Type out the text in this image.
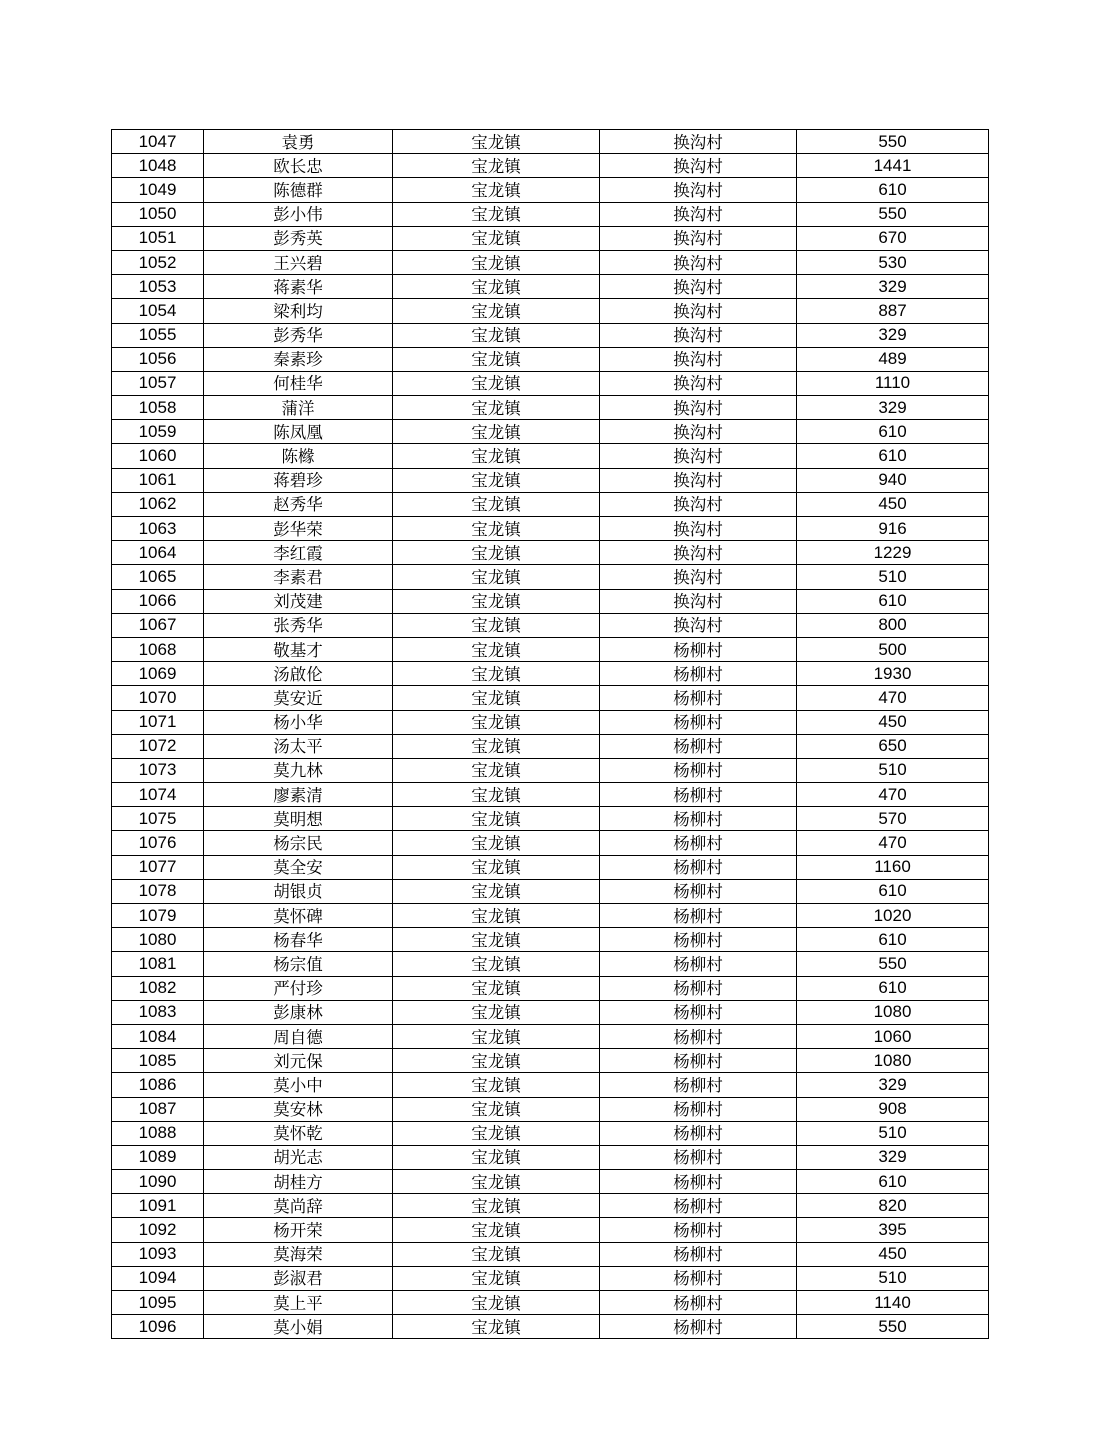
1047	袁勇	宝龙镇	换沟村	550
1048	欧长忠	宝龙镇	换沟村	1441
1049	陈德群	宝龙镇	换沟村	610
1050	彭小伟	宝龙镇	换沟村	550
1051	彭秀英	宝龙镇	换沟村	670
1052	王兴碧	宝龙镇	换沟村	530
1053	蒋素华	宝龙镇	换沟村	329
1054	梁利均	宝龙镇	换沟村	887
1055	彭秀华	宝龙镇	换沟村	329
1056	秦素珍	宝龙镇	换沟村	489
1057	何桂华	宝龙镇	换沟村	1110
1058	蒲洋	宝龙镇	换沟村	329
1059	陈凤凰	宝龙镇	换沟村	610
1060	陈橼	宝龙镇	换沟村	610
1061	蒋碧珍	宝龙镇	换沟村	940
1062	赵秀华	宝龙镇	换沟村	450
1063	彭华荣	宝龙镇	换沟村	916
1064	李红霞	宝龙镇	换沟村	1229
1065	李素君	宝龙镇	换沟村	510
1066	刘茂建	宝龙镇	换沟村	610
1067	张秀华	宝龙镇	换沟村	800
1068	敬基才	宝龙镇	杨柳村	500
1069	汤啟伦	宝龙镇	杨柳村	1930
1070	莫安近	宝龙镇	杨柳村	470
1071	杨小华	宝龙镇	杨柳村	450
1072	汤太平	宝龙镇	杨柳村	650
1073	莫九林	宝龙镇	杨柳村	510
1074	廖素清	宝龙镇	杨柳村	470
1075	莫明想	宝龙镇	杨柳村	570
1076	杨宗民	宝龙镇	杨柳村	470
1077	莫全安	宝龙镇	杨柳村	1160
1078	胡银贞	宝龙镇	杨柳村	610
1079	莫怀碑	宝龙镇	杨柳村	1020
1080	杨春华	宝龙镇	杨柳村	610
1081	杨宗值	宝龙镇	杨柳村	550
1082	严付珍	宝龙镇	杨柳村	610
1083	彭康林	宝龙镇	杨柳村	1080
1084	周自德	宝龙镇	杨柳村	1060
1085	刘元保	宝龙镇	杨柳村	1080
1086	莫小中	宝龙镇	杨柳村	329
1087	莫安林	宝龙镇	杨柳村	908
1088	莫怀乾	宝龙镇	杨柳村	510
1089	胡光志	宝龙镇	杨柳村	329
1090	胡桂方	宝龙镇	杨柳村	610
1091	莫尚辞	宝龙镇	杨柳村	820
1092	杨开荣	宝龙镇	杨柳村	395
1093	莫海荣	宝龙镇	杨柳村	450
1094	彭淑君	宝龙镇	杨柳村	510
1095	莫上平	宝龙镇	杨柳村	1140
1096	莫小娟	宝龙镇	杨柳村	550
